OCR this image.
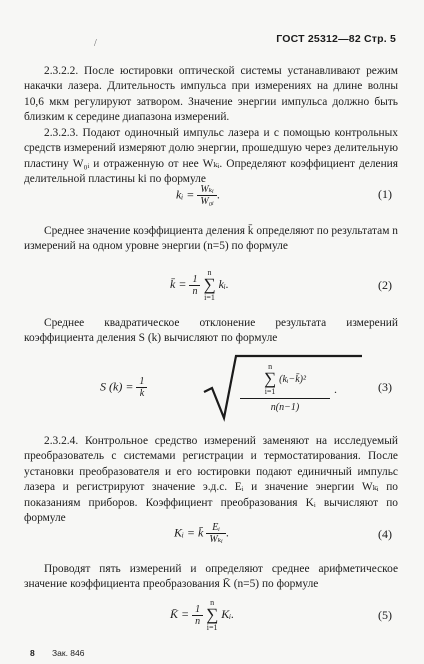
ГОСТ 25312—82 Стр. 5
/
2.3.2.2. После юстировки оптической системы устанавливают режим накачки лазера. Длительность импульса при измерениях на длине волны 10,6 мкм регулируют затвором. Значение энергии импульса должно быть близким к середине диапазона измерений.
2.3.2.3. Подают одиночный импульс лазера и с помощью контрольных средств измерений измеряют долю энергии, прошедшую через делительную пластину W₀ᵢ и отраженную от нее Wₖᵢ. Определяют коэффициент деления делительной пластины ki по формуле
kᵢ = $\frac{\text{Wₖᵢ}}{\text{W₀ᵢ}}$ .	(1)
Среднее значение коэффициента деления k̄ определяют по результатам n измерений на одном уровне энергии (n=5) по формуле
k̄ = $\frac{1}{n}$
n
∑
i=1 kᵢ.	(2)
Среднее квадратическое отклонение результата измерений коэффициента деления S (k) вычисляют по формуле
S $(k) = \frac{1}{k̄}$
n
∑
i=1
(kᵢ−k̄)²
n(n−1)
.	(3)
2.3.2.4. Контрольное средство измерений заменяют на исследуемый преобразователь с системами регистрации и термостатирования. После установки преобразователя и его юстировки подают единичный импульс лазера и регистрируют значение э.д.с. Eᵢ и значение энергии Wₖᵢ по показаниям приборов. Коэффициент преобразования Kᵢ вычисляют по формуле
Kᵢ = k̄ $\frac{\text{Eᵢ}}{\text{Wₖᵢ}}$ .	(4)
Проводят пять измерений и определяют среднее арифметическое значение коэффициента преобразования K̄ (n=5) по формуле
K̄ = $\frac{1}{n}$
n
∑
i=1 Kᵢ.	(5)
8 Зак. 846
